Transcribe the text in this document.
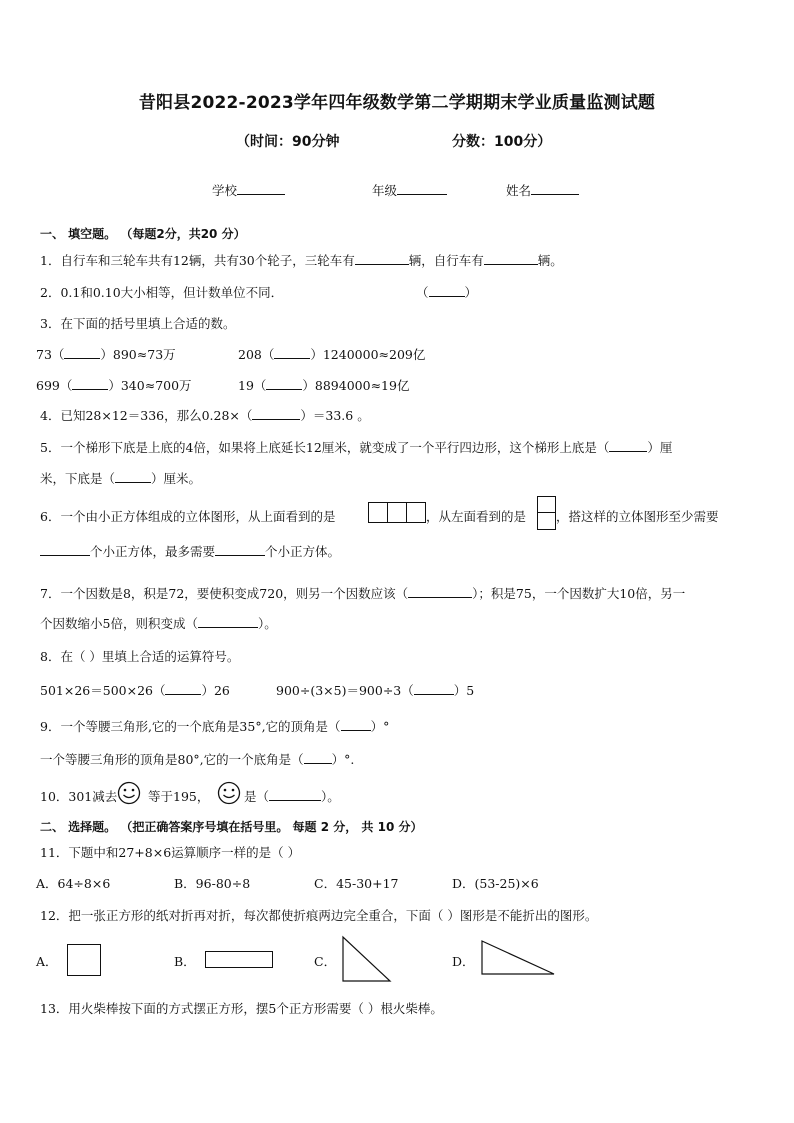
昔阳县2022-2023学年四年级数学第二学期期末学业质量监测试题
（时间：90分钟	分数：100分）
学校	年级	姓名
一、 填空题。 （每题2分，共20 分）
1．自行车和三轮车共有12辆，共有30个轮子，三轮车有	辆，自行车有	辆。
2．0.1和0.10大小相等，但计数单位不同．	（	）
3．在下面的括号里填上合适的数。
73（	）890≈73万	208（	）1240000≈209亿
699（	）340≈700万	19（	）8894000≈19亿
4．已知28×12＝336，那么0.28×（	）＝33.6 。
5．一个梯形下底是上底的4倍，如果将上底延长12厘米，就变成了一个平行四边形，这个梯形上底是（	）厘
米，下底是（	）厘米。
6．一个由小正方体组成的立体图形，从上面看到的是	，从左面看到的是 ，搭这样的立体图形至少需要
个小正方体，最多需要	个小正方体。
7．一个因数是8，积是72，要使积变成720，则另一个因数应该（	）；积是75，一个因数扩大10倍，另一
个因数缩小5倍，则积变成（	）。
8．在（ ）里填上合适的运算符号。
501×26＝500×26（	）26	900÷(3×5)＝900÷3（	）5
9．一个等腰三角形,它的一个底角是35°,它的顶角是（ ）°
一个等腰三角形的顶角是80°,它的一个底角是（ ）°.
10．301减去 等于195，	是（	）。
二、 选择题。 （把正确答案序号填在括号里。 每题 2 分， 共 10 分）
11．下题中和27+8×6运算顺序一样的是（ ）
A．64÷8×6	B．96-80÷8	C．45-30+17	D．(53-25)×6
12．把一张正方形的纸对折再对折，每次都使折痕两边完全重合，下面（ ）图形是不能折出的图形。
A．	B．	C．	D．
13．用火柴棒按下面的方式摆正方形，摆5个正方形需要（ ）根火柴棒。
